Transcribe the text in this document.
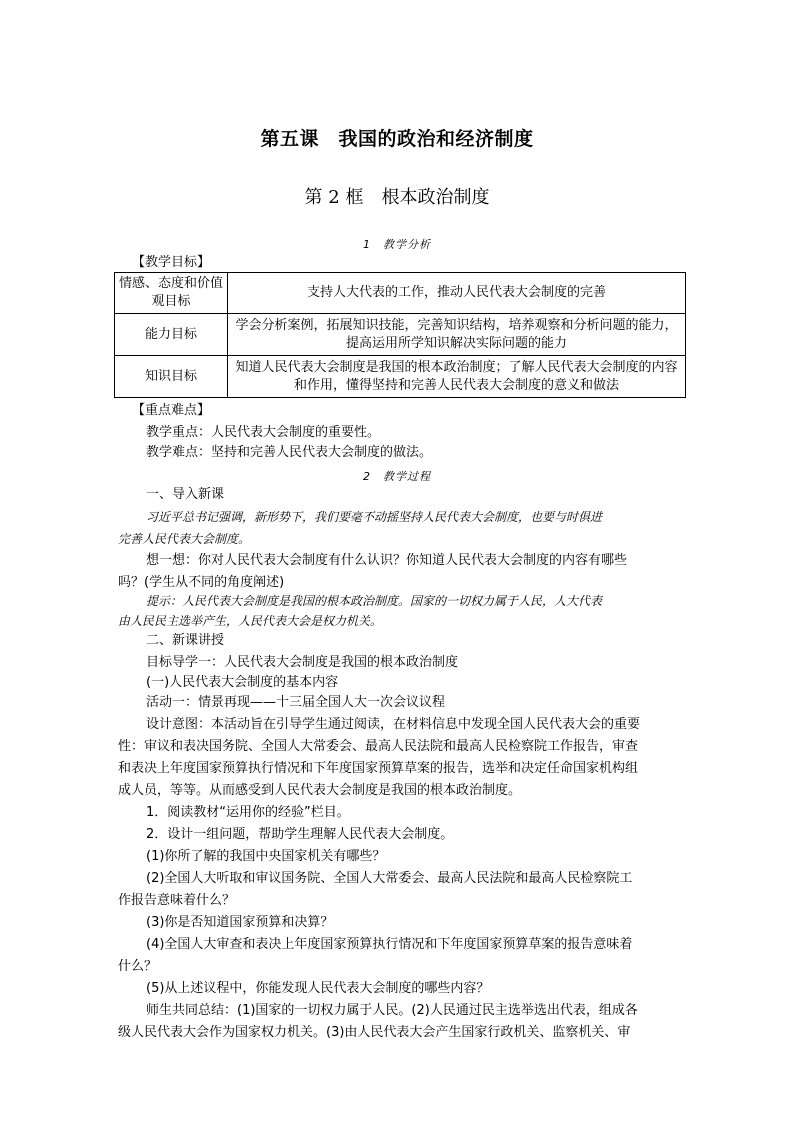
第五课　我国的政治和经济制度
第 2 框　根本政治制度
1　教学分析
【教学目标】
情感、态度和价值观目标	支持人大代表的工作，推动人民代表大会制度的完善
能力目标	学会分析案例，拓展知识技能，完善知识结构，培养观察和分析问题的能力，提高运用所学知识解决实际问题的能力
知识目标	知道人民代表大会制度是我国的根本政治制度；了解人民代表大会制度的内容和作用，懂得坚持和完善人民代表大会制度的意义和做法
【重点难点】
教学重点：人民代表大会制度的重要性。
教学难点：坚持和完善人民代表大会制度的做法。
2　教学过程
一、导入新课
习近平总书记强调，新形势下，我们要毫不动摇坚持人民代表大会制度，也要与时俱进
完善人民代表大会制度。
想一想：你对人民代表大会制度有什么认识？你知道人民代表大会制度的内容有哪些
吗？(学生从不同的角度阐述)
提示：人民代表大会制度是我国的根本政治制度。国家的一切权力属于人民，人大代表
由人民民主选举产生，人民代表大会是权力机关。
二、新课讲授
目标导学一：人民代表大会制度是我国的根本政治制度
(一)人民代表大会制度的基本内容
活动一：情景再现——十三届全国人大一次会议议程
设计意图：本活动旨在引导学生通过阅读，在材料信息中发现全国人民代表大会的重要
性：审议和表决国务院、全国人大常委会、最高人民法院和最高人民检察院工作报告，审查
和表决上年度国家预算执行情况和下年度国家预算草案的报告，选举和决定任命国家机构组
成人员，等等。从而感受到人民代表大会制度是我国的根本政治制度。
1．阅读教材“运用你的经验”栏目。
2．设计一组问题，帮助学生理解人民代表大会制度。
(1)你所了解的我国中央国家机关有哪些？
(2)全国人大听取和审议国务院、全国人大常委会、最高人民法院和最高人民检察院工
作报告意味着什么？
(3)你是否知道国家预算和决算？
(4)全国人大审查和表决上年度国家预算执行情况和下年度国家预算草案的报告意味着
什么？
(5)从上述议程中，你能发现人民代表大会制度的哪些内容？
师生共同总结：(1)国家的一切权力属于人民。(2)人民通过民主选举选出代表，组成各
级人民代表大会作为国家权力机关。(3)由人民代表大会产生国家行政机关、监察机关、审
